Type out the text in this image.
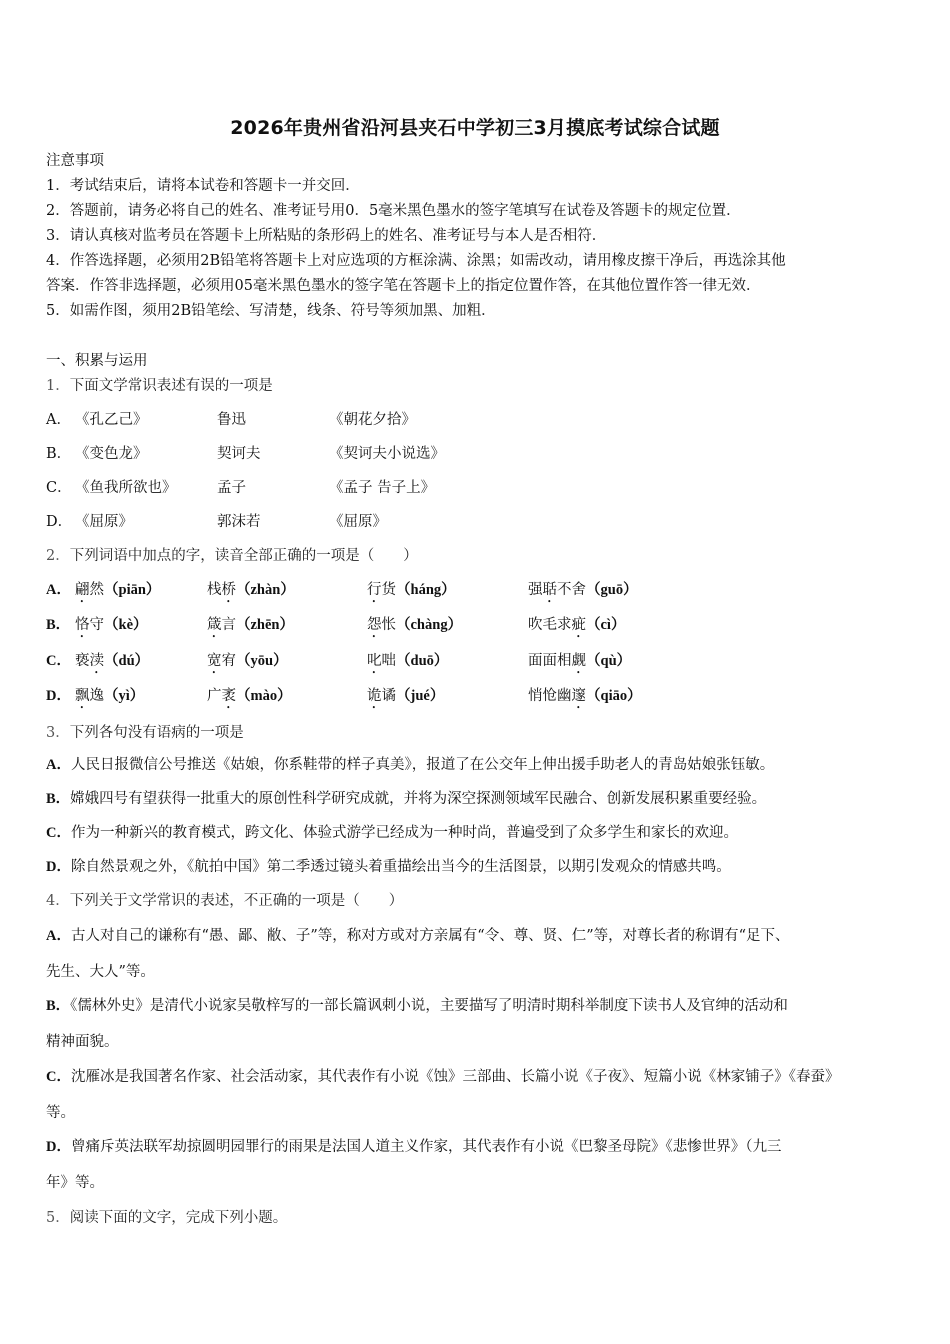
2026年贵州省沿河县夹石中学初三3月摸底考试综合试题
注意事项
1．考试结束后，请将本试卷和答题卡一并交回．
2．答题前，请务必将自己的姓名、准考证号用0．5毫米黑色墨水的签字笔填写在试卷及答题卡的规定位置．
3．请认真核对监考员在答题卡上所粘贴的条形码上的姓名、准考证号与本人是否相符．
4．作答选择题，必须用2B铅笔将答题卡上对应选项的方框涂满、涂黑；如需改动，请用橡皮擦干净后，再选涂其他
答案．作答非选择题，必须用05毫米黑色墨水的签字笔在答题卡上的指定位置作答，在其他位置作答一律无效．
5．如需作图，须用2B铅笔绘、写清楚，线条、符号等须加黑、加粗．
一、积累与运用
1．下面文学常识表述有误的一项是
A． 《孔乙己》	鲁迅	《朝花夕拾》
B． 《变色龙》	契诃夫	《契诃夫小说选》
C． 《鱼我所欲也》	孟子	《孟子 告子上》
D． 《屈原》	郭沫若	《屈原》
2．下列词语中加点的字，读音全部正确的一项是（　　）
A． 翩然（piān）	栈桥（zhàn）	行货（háng）	强聒不舍（guō）
B． 恪守（kè）	箴言（zhēn）	怨怅（chàng）	吹毛求疵（cì）
C． 亵渎（dú）	宽宥（yōu）	叱咄（duō）	面面相觑（qù）
D． 飘逸（yì）	广袤（mào）	诡谲（jué）	悄怆幽邃（qiāo）
3．下列各句没有语病的一项是
A．人民日报微信公号推送《姑娘，你系鞋带的样子真美》，报道了在公交年上伸出援手助老人的青岛姑娘张钰敏。
B．嫦娥四号有望获得一批重大的原创性科学研究成就，并将为深空探测领域军民融合、创新发展积累重要经验。
C．作为一种新兴的教育模式，跨文化、体验式游学已经成为一种时尚，普遍受到了众多学生和家长的欢迎。
D．除自然景观之外，《航拍中国》第二季透过镜头着重描绘出当今的生活图景，以期引发观众的情感共鸣。
4．下列关于文学常识的表述，不正确的一项是（　　）
A．古人对自己的谦称有“愚、鄙、敝、子”等，称对方或对方亲属有“令、尊、贤、仁”等，对尊长者的称谓有“足下、
先生、大人”等。
B．《儒林外史》是清代小说家吴敬梓写的一部长篇讽刺小说，主要描写了明清时期科举制度下读书人及官绅的活动和
精神面貌。
C．沈雁冰是我国著名作家、社会活动家，其代表作有小说《蚀》三部曲、长篇小说《子夜》、短篇小说《林家铺子》《春蚕》
等。
D．曾痛斥英法联军劫掠圆明园罪行的雨果是法国人道主义作家，其代表作有小说《巴黎圣母院》《悲惨世界》（九三
年》等。
5．阅读下面的文字，完成下列小题。
